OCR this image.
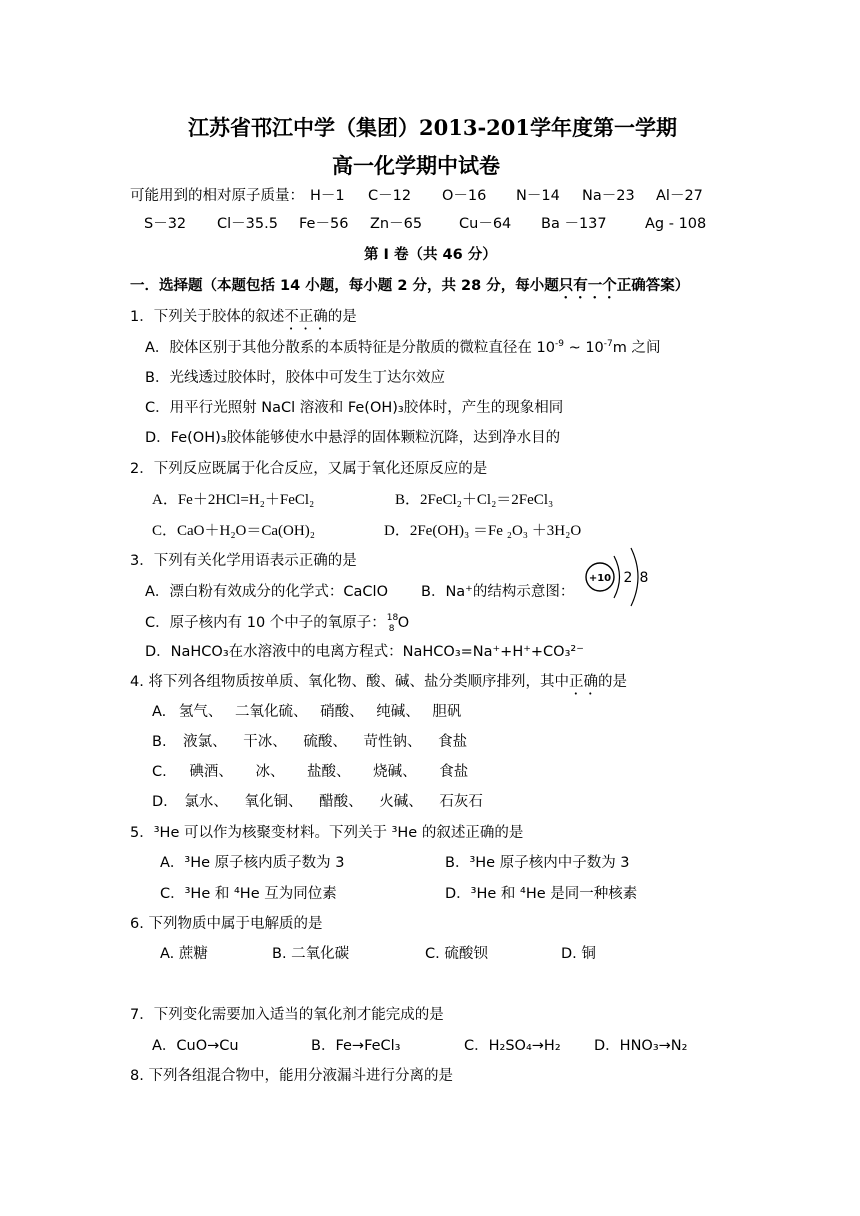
江苏省邗江中学（集团）2013-201学年度第一学期
高一化学期中试卷
可能用到的相对原子质量： H－1 C－12 O－16 N－14 Na－23 Al－27
S－32 Cl－35.5 Fe－56 Zn－65	Cu－64 Ba －137	Ag - 108
第 I 卷（共 46 分）
一．选择题（本题包括 14 小题，每小题 2 分，共 28 分，每小题只有一个正确答案）
1．下列关于胶体的叙述不正确的是
A．胶体区别于其他分散系的本质特征是分散质的微粒直径在 $10^{-9}$ ~ $10^{-7}m$ 之间
B．光线透过胶体时，胶体中可发生丁达尔效应
C．用平行光照射 NaCl 溶液和 Fe(OH)₃胶体时，产生的现象相同
D．Fe(OH)₃胶体能够使水中悬浮的固体颗粒沉降，达到净水目的
2．下列反应既属于化合反应，又属于氧化还原反应的是
A．Fe＋2HCl=H₂＋FeCl₂	B．2FeCl₂＋Cl₂＝2FeCl₃
C．CaO＋H₂O＝Ca(OH)₂	D．2Fe(OH)₃ ＝Fe ₂O₃ ＋3H₂O
3．下列有关化学用语表示正确的是
A．漂白粉有效成分的化学式：CaClO B．Na⁺的结构示意图：
+10 2 8
C．原子核内有 10 个中子的氧原子： 18
8 O
D．NaHCO₃在水溶液中的电离方程式：NaHCO₃=Na⁺+H⁺+CO₃²⁻
4. 将下列各组物质按单质、氧化物、酸、碱、盐分类顺序排列，其中正确的是
A. 氢气、 二氧化硫、 硝酸、 纯碱、 胆矾
B. 液氯、 干冰、 硫酸、 苛性钠、 食盐
C. 碘酒、 冰、 盐酸、 烧碱、 食盐
D. 氯水、 氧化铜、 醋酸、 火碱、 石灰石
5．³He 可以作为核聚变材料。下列关于 ³He 的叙述正确的是
A．³He 原子核内质子数为 3	B．³He 原子核内中子数为 3
C．³He 和 ⁴He 互为同位素	D．³He 和 ⁴He 是同一种核素
6. 下列物质中属于电解质的是
A. 蔗糖	B. 二氧化碳	C. 硫酸钡	D. 铜
7．下列变化需要加入适当的氧化剂才能完成的是
A．CuO→Cu	B．Fe→FeCl₃	C．H₂SO₄→H₂ D．HNO₃→N₂
8. 下列各组混合物中，能用分液漏斗进行分离的是
